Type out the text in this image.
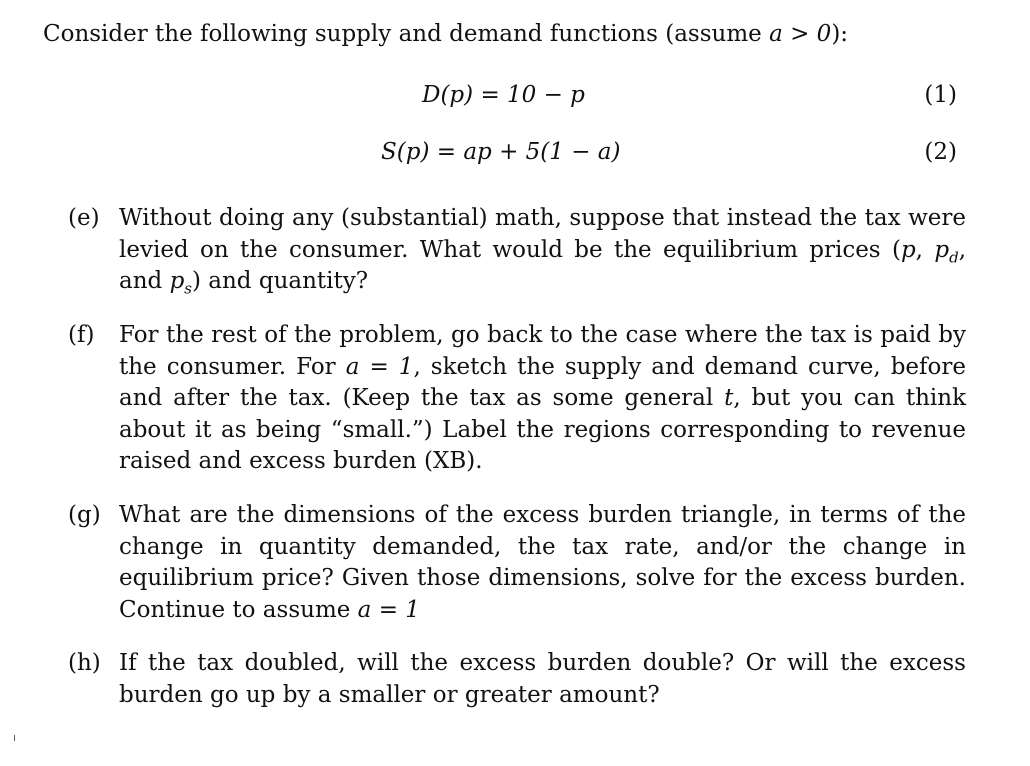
Consider the following supply and demand functions (assume a > 0):
D(p) = 10 − p	(1)
S(p) = ap + 5(1 − a)	(2)
(e) Without doing any (substantial) math, suppose that instead the tax were levied on the consumer. What would be the equilibrium prices (p, $p_d$, and $p_s$) and quantity?
(f)	For the rest of the problem, go back to the case where the tax is paid by the consumer. For a = 1, sketch the supply and demand curve, before and after the tax. (Keep the tax as some general t, but you can think about it as being “small.”) Label the regions corresponding to revenue raised and excess burden (XB).
(g) What are the dimensions of the excess burden triangle, in terms of the change in quantity demanded, the tax rate, and/or the change in equilibrium price? Given those dimensions, solve for the excess burden. Continue to assume a = 1
(h) If the tax doubled, will the excess burden double? Or will the excess burden go up by a smaller or greater amount?
